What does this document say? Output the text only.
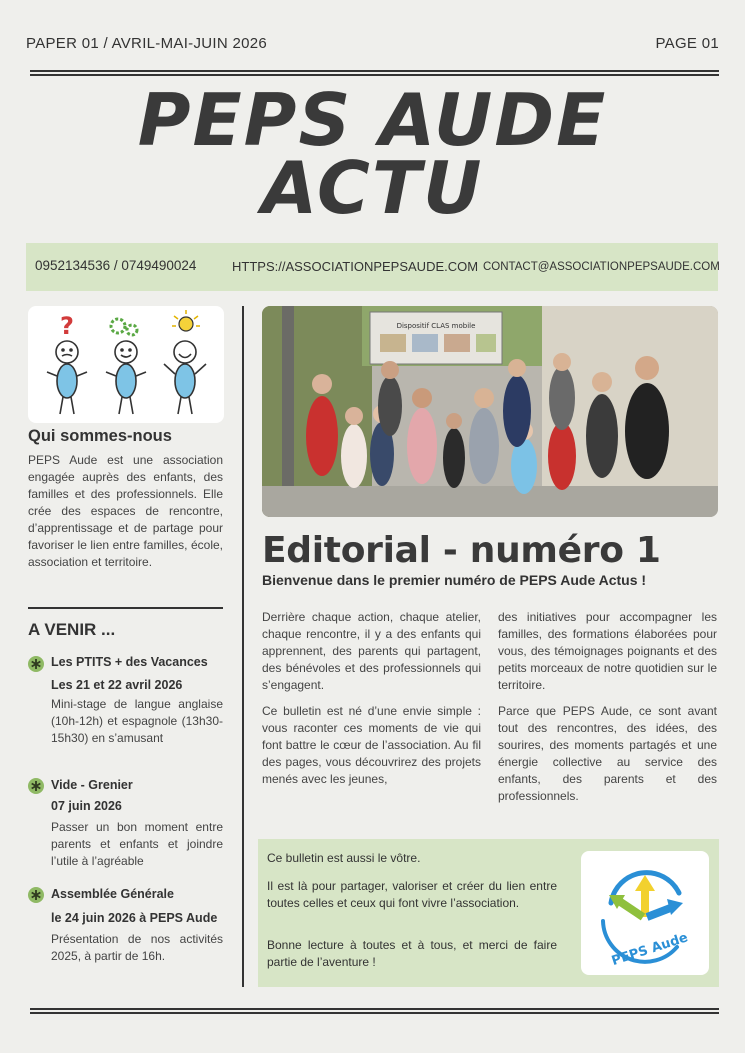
PAPER 01 / AVRIL-MAI-JUIN 2026	PAGE 01
PEPS AUDE
ACTU
0952134536 / 0749490024	HTTPS://ASSOCIATIONPEPSAUDE.COM CONTACT@ASSOCIATIONPEPSAUDE.COM
?
Qui sommes-nous
PEPS Aude est une association engagée auprès des enfants, des familles et des professionnels. Elle crée des espaces de rencontre, d’apprentissage et de partage pour favoriser le lien entre familles, école, association et territoire.
A VENIR ...
Les PTITS + des Vacances
Les 21 et 22 avril 2026
Mini-stage de langue anglaise (10h-12h) et espagnole (13h30-15h30) en s’amusant
Vide - Grenier
07 juin 2026
Passer un bon moment entre parents et enfants et joindre l’utile à l’agréable
Assemblée Générale
le 24 juin 2026 à PEPS Aude
Présentation de nos activités 2025, à partir de 16h.
Dispositif CLAS mobile
Editorial - numéro 1
Bienvenue dans le premier numéro de PEPS Aude Actus !

Derrière chaque action, chaque atelier, chaque rencontre, il y a des enfants qui apprennent, des parents qui partagent, des bénévoles et des professionnels qui s’engagent.

Ce bulletin est né d’une envie simple : vous raconter ces moments de vie qui font battre le cœur de l’association. Au fil des pages, vous découvrirez des projets menés avec les jeunes,

des initiatives pour accompagner les familles, des formations élaborées pour vous, des témoignages poignants et des petits morceaux de notre quotidien sur le territoire.

Parce que PEPS Aude, ce sont avant tout des rencontres, des idées, des sourires, des moments partagés et une énergie collective au service des enfants, des parents et des professionnels.

Ce bulletin est aussi le vôtre.
Il est là pour partager, valoriser et créer du lien entre toutes celles et ceux qui font vivre l’association.
Bonne lecture à toutes et à tous, et merci de faire partie de l’aventure !	PEPS Aude
